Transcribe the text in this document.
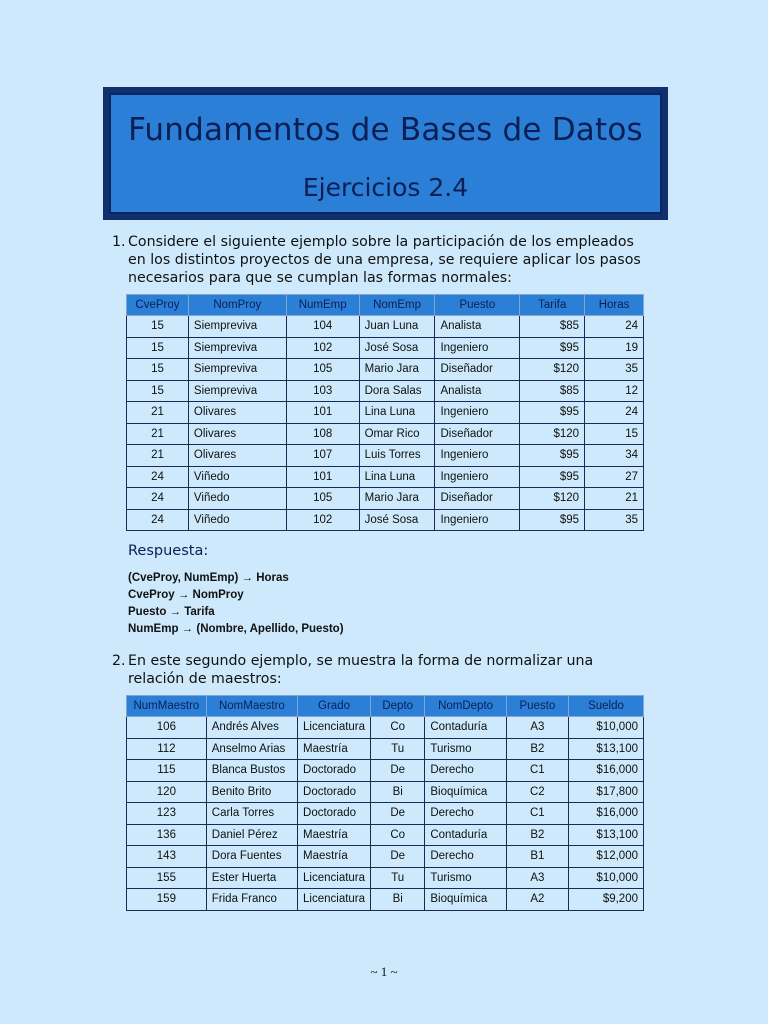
Fundamentos de Bases de Datos
Ejercicios 2.4
1. Considere el siguiente ejemplo sobre la participación de los empleados en los distintos proyectos de una empresa, se requiere aplicar los pasos necesarios para que se cumplan las formas normales:
CveProy	NomProy	NumEmp	NomEmp	Puesto	Tarifa	Horas
15	Siempreviva	104	Juan Luna	Analista	$85	24
15	Siempreviva	102	José Sosa	Ingeniero	$95	19
15	Siempreviva	105	Mario Jara	Diseñador	$120	35
15	Siempreviva	103	Dora Salas	Analista	$85	12
21	Olivares	101	Lina Luna	Ingeniero	$95	24
21	Olivares	108	Omar Rico	Diseñador	$120	15
21	Olivares	107	Luis Torres	Ingeniero	$95	34
24	Viñedo	101	Lina Luna	Ingeniero	$95	27
24	Viñedo	105	Mario Jara	Diseñador	$120	21
24	Viñedo	102	José Sosa	Ingeniero	$95	35
Respuesta:
(CveProy, NumEmp) → Horas
CveProy → NomProy
Puesto → Tarifa
NumEmp → (Nombre, Apellido, Puesto)
2. En este segundo ejemplo, se muestra la forma de normalizar una relación de maestros:
NumMaestro	NomMaestro	Grado	Depto	NomDepto	Puesto	Sueldo
106	Andrés Alves	Licenciatura	Co	Contaduría	A3	$10,000
112	Anselmo Arias	Maestría	Tu	Turismo	B2	$13,100
115	Blanca Bustos	Doctorado	De	Derecho	C1	$16,000
120	Benito Brito	Doctorado	Bi	Bioquímica	C2	$17,800
123	Carla Torres	Doctorado	De	Derecho	C1	$16,000
136	Daniel Pérez	Maestría	Co	Contaduría	B2	$13,100
143	Dora Fuentes	Maestría	De	Derecho	B1	$12,000
155	Ester Huerta	Licenciatura	Tu	Turismo	A3	$10,000
159	Frida Franco	Licenciatura	Bi	Bioquímica	A2	$9,200
~ 1 ~
